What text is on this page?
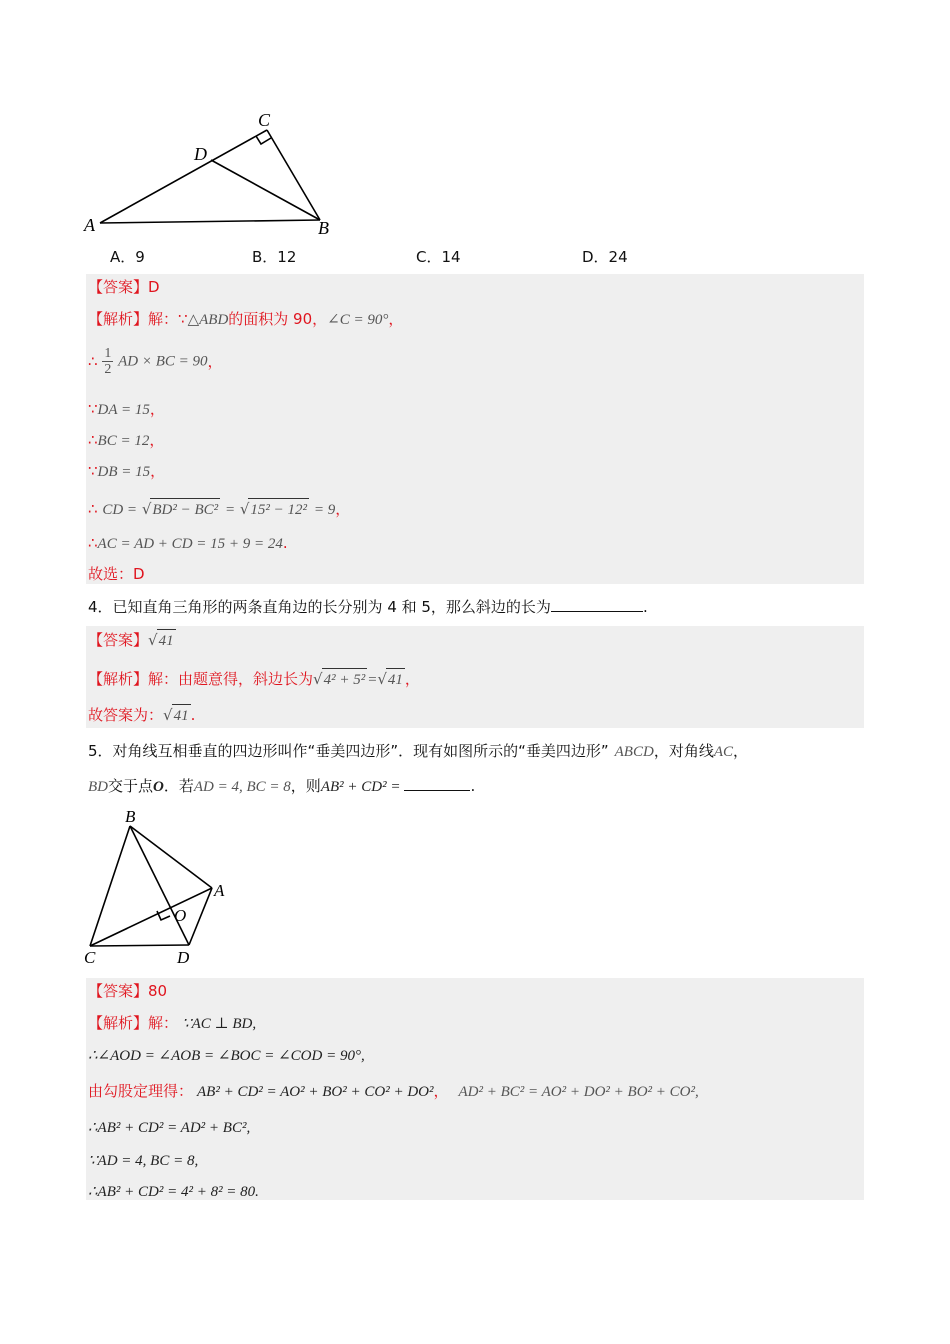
A	B
C
D
A．9	B．12	C．14	D．24
【答案】D
【解析】解：∵△ABD的面积为 90，∠C = 90°，
∴ $\frac{1}{2}$ AD × BC = 90，
∵DA = 15，
∴BC = 12，
∵DB = 15，
∴ CD = √BD² − BC² = √15² − 12² = 9，
∴AC = AD + CD = 15 + 9 = 24.
故选：D
4．已知直角三角形的两条直角边的长分别为 4 和 5，那么斜边的长为	.
【答案】√41
【解析】解：由题意得，斜边长为√4² + 5² =√41 ，
故答案为：√41 .
5．对角线互相垂直的四边形叫作“垂美四边形”．现有如图所示的“垂美四边形” ABCD，对角线AC，
BD交于点O．若AD = 4, BC = 8，则AB² + CD² =	.
B
A
C	D
O
【答案】80
【解析】解： ∵AC ⊥ BD,
∴∠AOD = ∠AOB = ∠BOC = ∠COD = 90°,
由勾股定理得： AB² + CD² = AO² + BO² + CO² + DO²， AD² + BC² = AO² + DO² + BO² + CO²,
∴AB² + CD² = AD² + BC²,
∵AD = 4, BC = 8,
∴AB² + CD² = 4² + 8² = 80.
